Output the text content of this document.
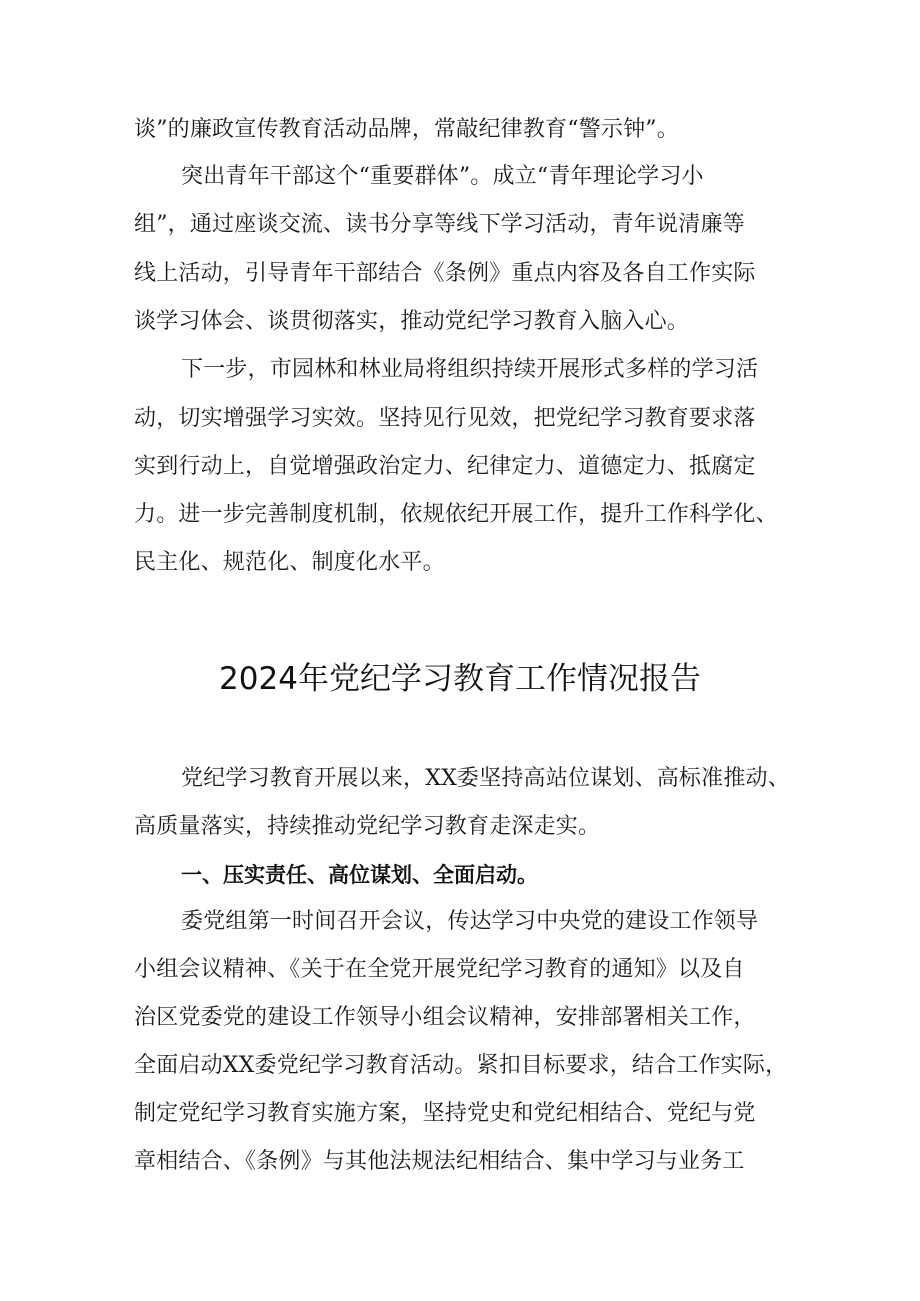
谈”的廉政宣传教育活动品牌，常敲纪律教育“警示钟”。
突出青年干部这个“重要群体”。成立“青年理论学习小
组”，通过座谈交流、读书分享等线下学习活动，青年说清廉等
线上活动，引导青年干部结合《条例》重点内容及各自工作实际
谈学习体会、谈贯彻落实，推动党纪学习教育入脑入心。
下一步，市园林和林业局将组织持续开展形式多样的学习活
动，切实增强学习实效。坚持见行见效，把党纪学习教育要求落
实到行动上，自觉增强政治定力、纪律定力、道德定力、抵腐定
力。进一步完善制度机制，依规依纪开展工作，提升工作科学化、
民主化、规范化、制度化水平。
2024年党纪学习教育工作情况报告
党纪学习教育开展以来，XX委坚持高站位谋划、高标准推动、
高质量落实，持续推动党纪学习教育走深走实。
一、压实责任、高位谋划、全面启动。
委党组第一时间召开会议，传达学习中央党的建设工作领导
小组会议精神、《关于在全党开展党纪学习教育的通知》以及自
治区党委党的建设工作领导小组会议精神，安排部署相关工作，
全面启动XX委党纪学习教育活动。紧扣目标要求，结合工作实际，
制定党纪学习教育实施方案，坚持党史和党纪相结合、党纪与党
章相结合、《条例》与其他法规法纪相结合、集中学习与业务工
